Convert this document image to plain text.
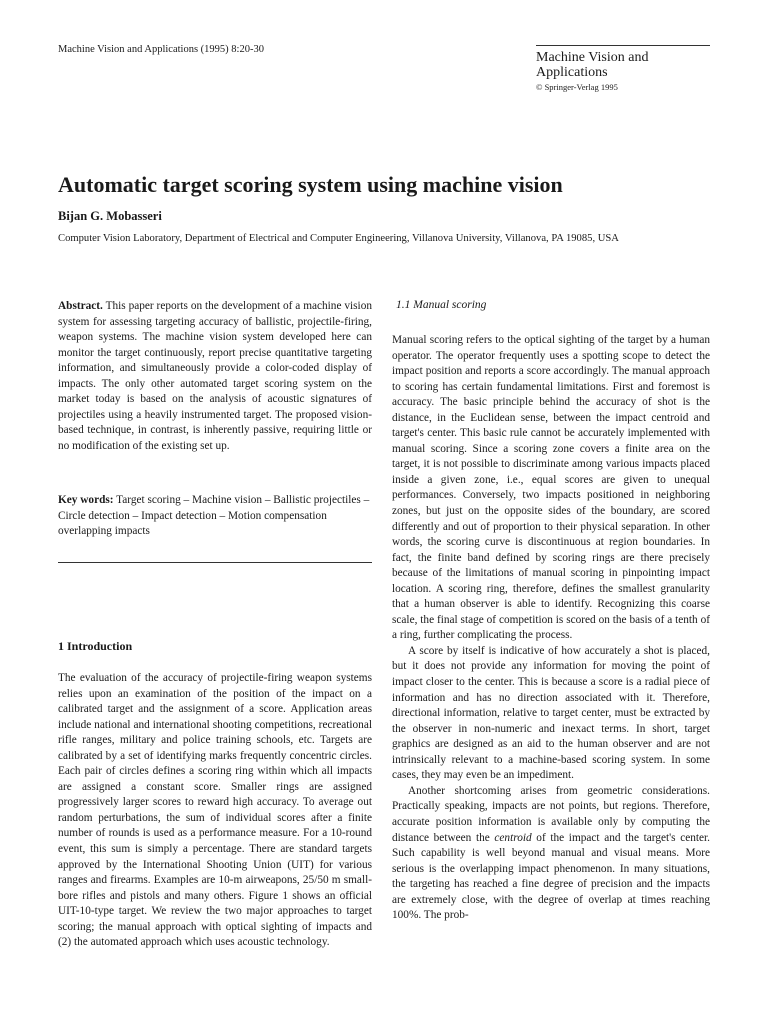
Machine Vision and Applications (1995) 8:20-30
Machine Vision and
Applications
© Springer-Verlag 1995
Automatic target scoring system using machine vision
Bijan G. Mobasseri
Computer Vision Laboratory, Department of Electrical and Computer Engineering, Villanova University, Villanova, PA 19085, USA

Abstract. This paper reports on the development of a machine vision system for assessing targeting accuracy of ballistic, projectile-firing, weapon systems. The machine vision system developed here can monitor the target continuously, report precise quantitative targeting information, and simultaneously provide a color-coded display of impacts. The only other automated target scoring system on the market today is based on the analysis of acoustic signatures of projectiles using a heavily instrumented target. The proposed vision-based technique, in contrast, is inherently passive, requiring little or no modification of the existing set up.

Key words: Target scoring – Machine vision – Ballistic projectiles – Circle detection – Impact detection – Motion compensation overlapping impacts

1 Introduction

The evaluation of the accuracy of projectile-firing weapon systems relies upon an examination of the position of the impact on a calibrated target and the assignment of a score. Application areas include national and international shooting competitions, recreational rifle ranges, military and police training schools, etc. Targets are calibrated by a set of identifying marks frequently concentric circles. Each pair of circles defines a scoring ring within which all impacts are assigned a constant score. Smaller rings are assigned progressively larger scores to reward high accuracy. To average out random perturbations, the sum of individual scores after a finite number of rounds is used as a performance measure. For a 10-round event, this sum is simply a percentage. There are standard targets approved by the International Shooting Union (UIT) for various ranges and firearms. Examples are 10-m airweapons, 25/50 m small-bore rifles and pistols and many others. Figure 1 shows an official UIT-10-type target. We review the two major approaches to target scoring; the manual approach with optical sighting of impacts and (2) the automated approach which uses acoustic technology.

1.1 Manual scoring

Manual scoring refers to the optical sighting of the target by a human operator. The operator frequently uses a spotting scope to detect the impact position and reports a score accordingly. The manual approach to scoring has certain fundamental limitations. First and foremost is accuracy. The basic principle behind the accuracy of shot is the distance, in the Euclidean sense, between the impact centroid and target's center. This basic rule cannot be accurately implemented with manual scoring. Since a scoring zone covers a finite area on the target, it is not possible to discriminate among various impacts placed inside a given zone, i.e., equal scores are given to unequal performances. Conversely, two impacts positioned in neighboring zones, but just on the opposite sides of the boundary, are scored differently and out of proportion to their physical separation. In other words, the scoring curve is discontinuous at region boundaries. In fact, the finite band defined by scoring rings are there precisely because of the limitations of manual scoring in pinpointing impact location. A scoring ring, therefore, defines the smallest granularity that a human observer is able to identify. Recognizing this coarse scale, the final stage of competition is scored on the basis of a tenth of a ring, further complicating the process.

A score by itself is indicative of how accurately a shot is placed, but it does not provide any information for moving the point of impact closer to the center. This is because a score is a radial piece of information and has no direction associated with it. Therefore, directional information, relative to target center, must be extracted by the observer in non-numeric and inexact terms. In short, target graphics are designed as an aid to the human observer and are not intrinsically relevant to a machine-based scoring system. In some cases, they may even be an impediment.

Another shortcoming arises from geometric considerations. Practically speaking, impacts are not points, but regions. Therefore, accurate position information is available only by computing the distance between the centroid of the impact and the target's center. Such capability is well beyond manual and visual means. More serious is the overlapping impact phenomenon. In many situations, the targeting has reached a fine degree of precision and the impacts are extremely close, with the degree of overlap at times reaching 100%. The prob-
